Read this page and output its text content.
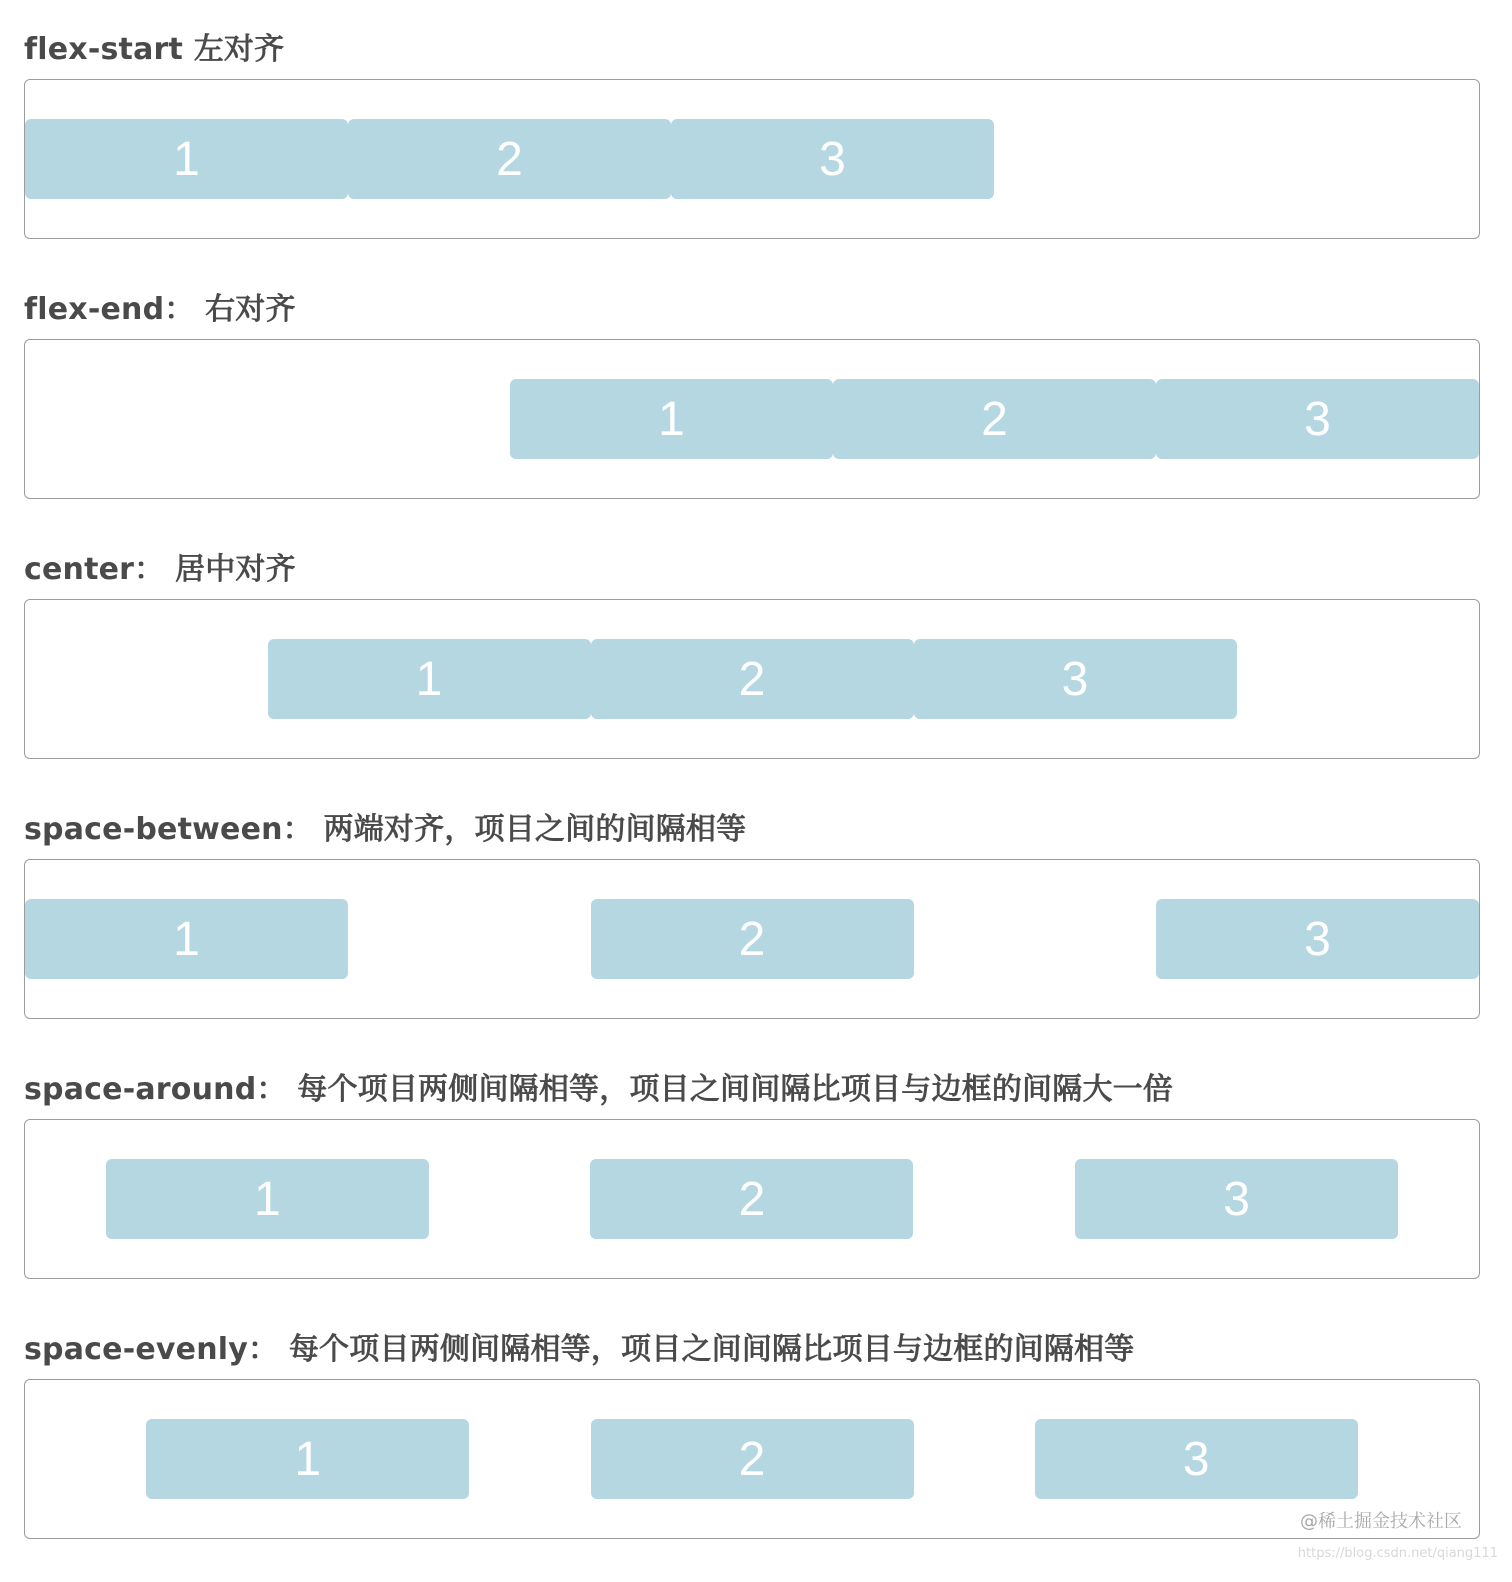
flex-start 左对齐
1	2	3
flex-end： 右对齐
1	2	3
center： 居中对齐
1	2	3
space-between： 两端对齐，项目之间的间隔相等
1	2	3
space-around： 每个项目两侧间隔相等，项目之间间隔比项目与边框的间隔大一倍
1	2	3
space-evenly： 每个项目两侧间隔相等，项目之间间隔比项目与边框的间隔相等
1	2	3
@稀土掘金技术社区
https://blog.csdn.net/qiang111
